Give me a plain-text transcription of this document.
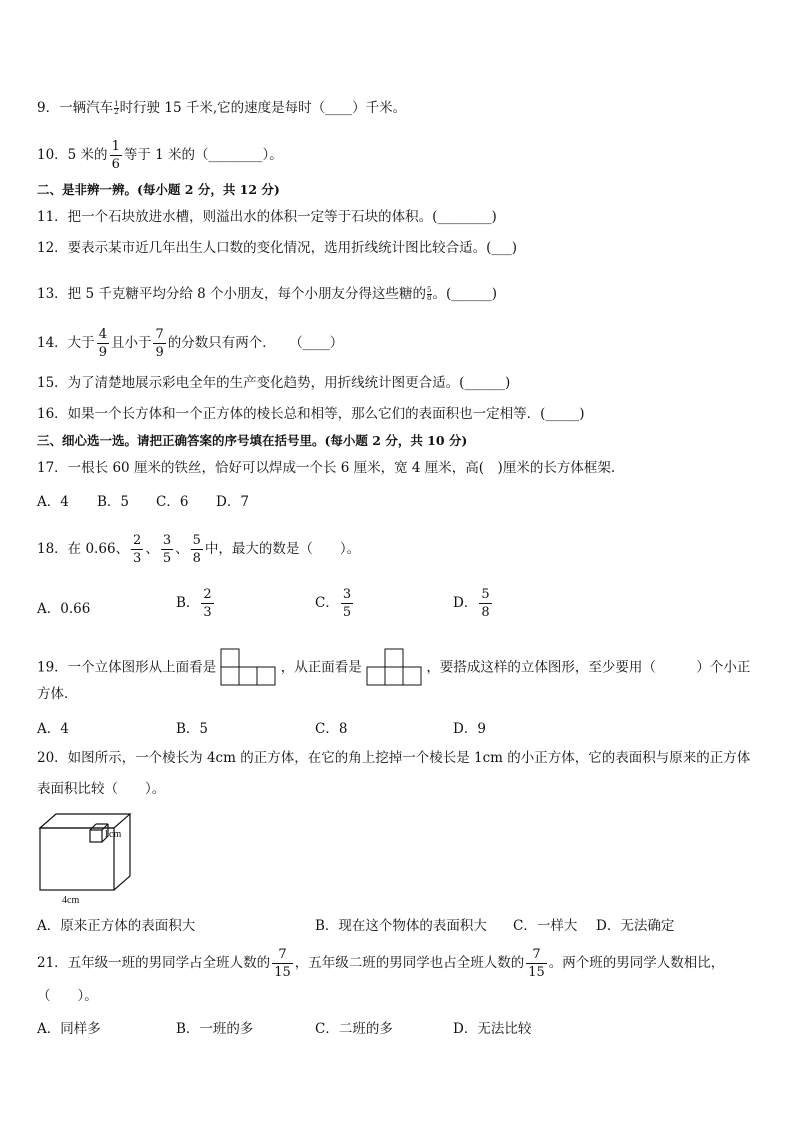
9．一辆汽车 $\frac{1}{2}$ 时行驶 15 千米,它的速度是每时（____）千米。
10．5 米的 $\frac{1}{6}$ 等于 1 米的（________）。
二、是非辨一辨。(每小题 2 分，共 12 分)
11．把一个石块放进水槽，则溢出水的体积一定等于石块的体积。(________)
12．要表示某市近几年出生人口数的变化情况，选用折线统计图比较合适。(___)
13．把 5 千克糖平均分给 8 个小朋友，每个小朋友分得这些糖的 $\frac{5}{8}$ 。(______)
14．大于 $\frac{4}{9}$ 且小于 $\frac{7}{9}$ 的分数只有两个．　　（____）
15．为了清楚地展示彩电全年的生产变化趋势，用折线统计图更合适。(______)
16．如果一个长方体和一个正方体的棱长总和相等，那么它们的表面积也一定相等．(_____)
三、细心选一选。请把正确答案的序号填在括号里。(每小题 2 分，共 10 分)
17．一根长 60 厘米的铁丝，恰好可以焊成一个长 6 厘米，宽 4 厘米，高(　)厘米的长方体框架.
A．4 B．5 C．6 D．7
18．在 0.66、 $\frac{2}{3}$ 、 $\frac{3}{5}$ 、 $\frac{5}{8}$ 中，最大的数是（　　）。
A．0.66	B． $\frac{2}{3}$	C． $\frac{3}{5}$	D． $\frac{5}{8}$
19．一个立体图形从上面看是	，从正面看是	，要搭成这样的立体图形，至少要用（　　　）个小正
方体．
A．4	B．5	C．8	D．9
20．如图所示，一个棱长为 4cm 的正方体，在它的角上挖掉一个棱长是 1cm 的小正方体，它的表面积与原来的正方体
表面积比较（　　）。
1cm
4cm
A．原来正方体的表面积大	B．现在这个物体的表面积大 C．一样大 D．无法确定
21．五年级一班的男同学占全班人数的 $\frac{7}{15}$ ，五年级二班的男同学也占全班人数的 $\frac{7}{15}$ 。两个班的男同学人数相比，
（　　）。
A．同样多	B．一班的多	C．二班的多	D．无法比较
